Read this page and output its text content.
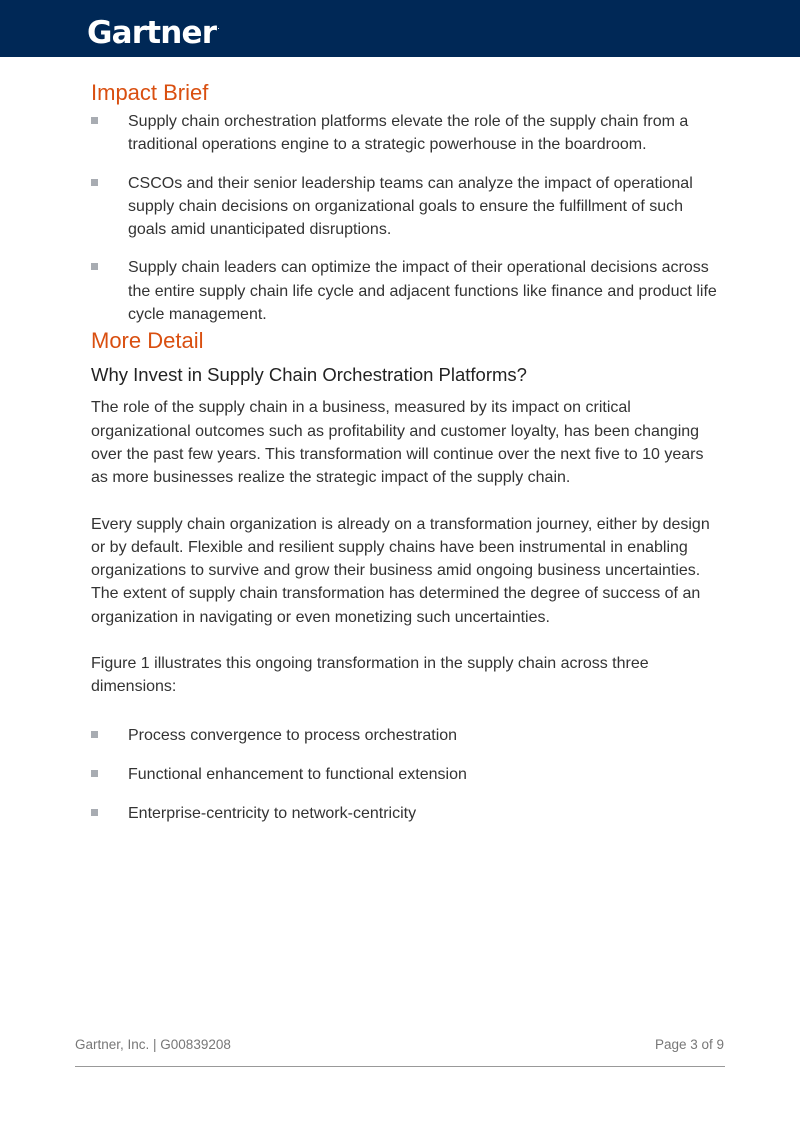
Gartner.
Impact Brief
Supply chain orchestration platforms elevate the role of the supply chain from a traditional operations engine to a strategic powerhouse in the boardroom.
CSCOs and their senior leadership teams can analyze the impact of operational supply chain decisions on organizational goals to ensure the fulfillment of such goals amid unanticipated disruptions.
Supply chain leaders can optimize the impact of their operational decisions across the entire supply chain life cycle and adjacent functions like finance and product life cycle management.
More Detail
Why Invest in Supply Chain Orchestration Platforms?

The role of the supply chain in a business, measured by its impact on critical organizational outcomes such as profitability and customer loyalty, has been changing over the past few years. This transformation will continue over the next five to 10 years as more businesses realize the strategic impact of the supply chain.

Every supply chain organization is already on a transformation journey, either by design or by default. Flexible and resilient supply chains have been instrumental in enabling organizations to survive and grow their business amid ongoing business uncertainties. The extent of supply chain transformation has determined the degree of success of an organization in navigating or even monetizing such uncertainties.

Figure 1 illustrates this ongoing transformation in the supply chain across three dimensions:

Process convergence to process orchestration
Functional enhancement to functional extension
Enterprise-centricity to network-centricity
Gartner, Inc. | G00839208	Page 3 of 9
